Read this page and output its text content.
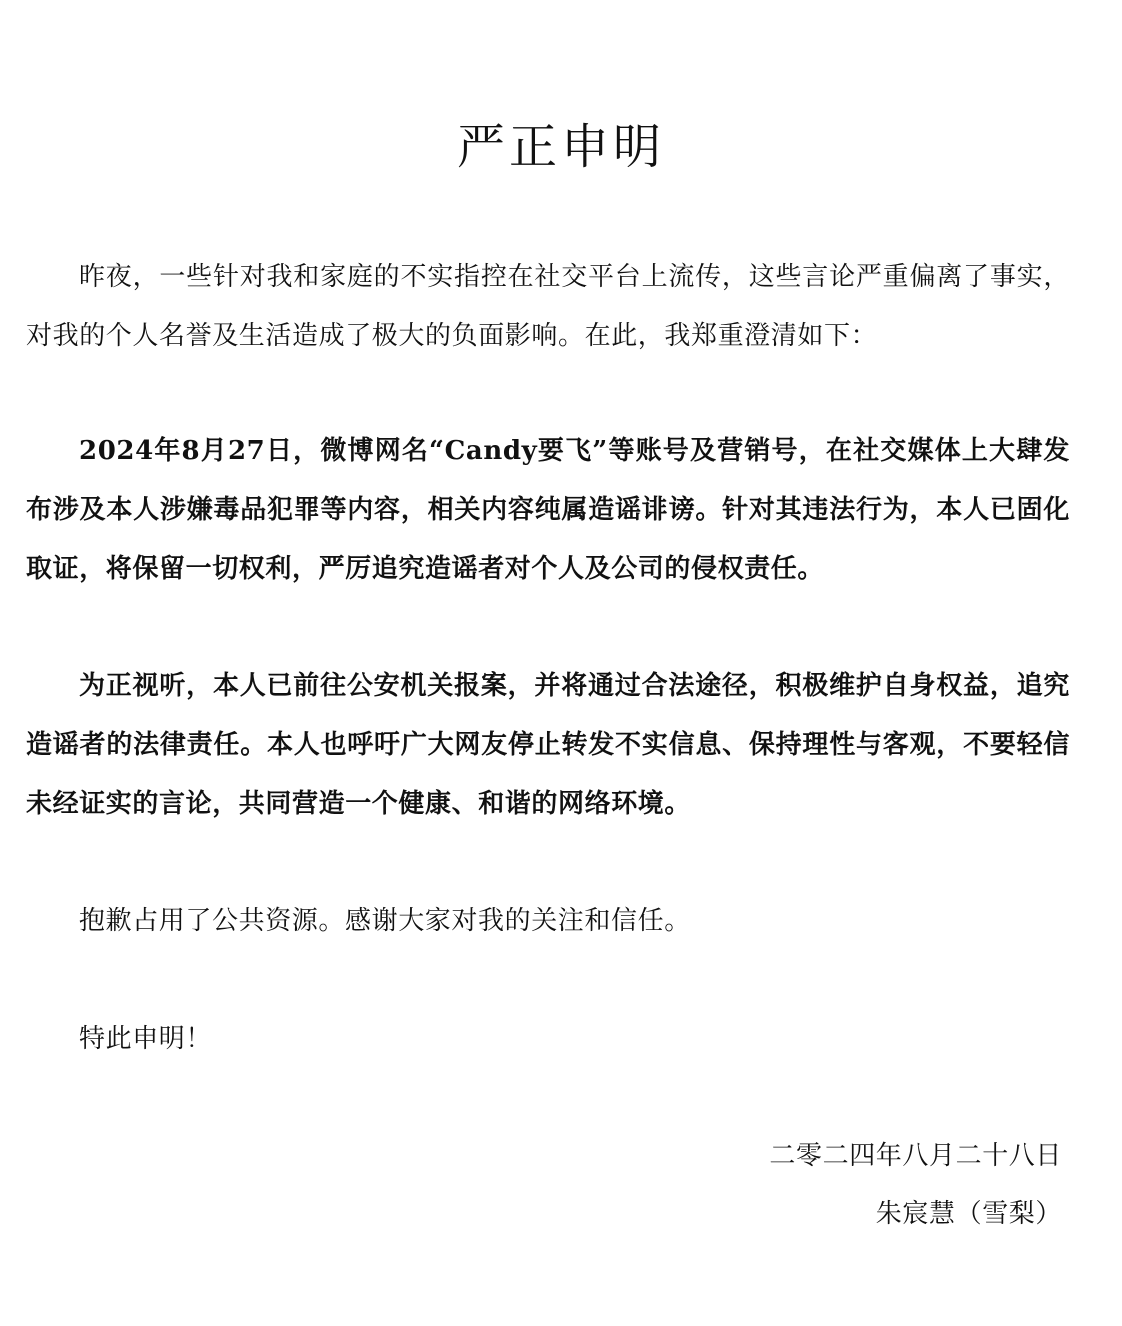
严正申明

昨夜，一些针对我和家庭的不实指控在社交平台上流传，这些言论严重偏离了事实，对我的个人名誉及生活造成了极大的负面影响。在此，我郑重澄清如下：

2024年8月27日，微博网名“Candy要飞”等账号及营销号，在社交媒体上大肆发布涉及本人涉嫌毒品犯罪等内容，相关内容纯属造谣诽谤。针对其违法行为，本人已固化取证，将保留一切权利，严厉追究造谣者对个人及公司的侵权责任。

为正视听，本人已前往公安机关报案，并将通过合法途径，积极维护自身权益，追究造谣者的法律责任。本人也呼吁广大网友停止转发不实信息、保持理性与客观，不要轻信未经证实的言论，共同营造一个健康、和谐的网络环境。

抱歉占用了公共资源。感谢大家对我的关注和信任。

特此申明！

二零二四年八月二十八日
朱宸慧（雪梨）
